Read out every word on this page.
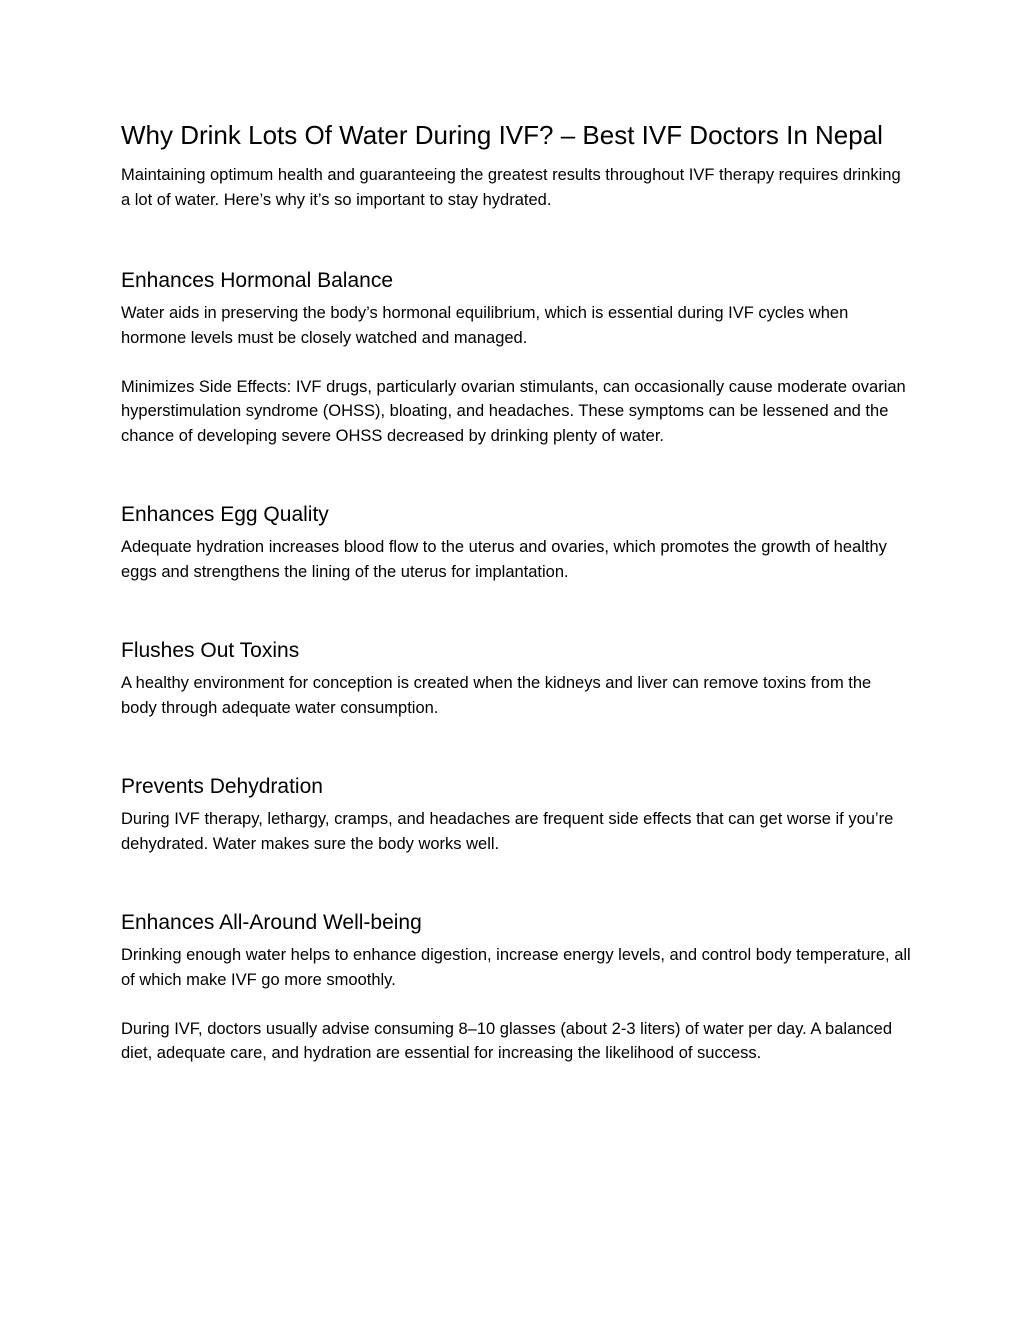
Why Drink Lots Of Water During IVF? – Best IVF Doctors In Nepal

Maintaining optimum health and guaranteeing the greatest results throughout IVF therapy requires drinking a lot of water. Here’s why it’s so important to stay hydrated.

Enhances Hormonal Balance

Water aids in preserving the body’s hormonal equilibrium, which is essential during IVF cycles when hormone levels must be closely watched and managed.

Minimizes Side Effects: IVF drugs, particularly ovarian stimulants, can occasionally cause moderate ovarian hyperstimulation syndrome (OHSS), bloating, and headaches. These symptoms can be lessened and the chance of developing severe OHSS decreased by drinking plenty of water.

Enhances Egg Quality

Adequate hydration increases blood flow to the uterus and ovaries, which promotes the growth of healthy eggs and strengthens the lining of the uterus for implantation.

Flushes Out Toxins

A healthy environment for conception is created when the kidneys and liver can remove toxins from the body through adequate water consumption.

Prevents Dehydration

During IVF therapy, lethargy, cramps, and headaches are frequent side effects that can get worse if you’re dehydrated. Water makes sure the body works well.

Enhances All-Around Well-being

Drinking enough water helps to enhance digestion, increase energy levels, and control body temperature, all of which make IVF go more smoothly.

During IVF, doctors usually advise consuming 8–10 glasses (about 2-3 liters) of water per day. A balanced diet, adequate care, and hydration are essential for increasing the likelihood of success.
